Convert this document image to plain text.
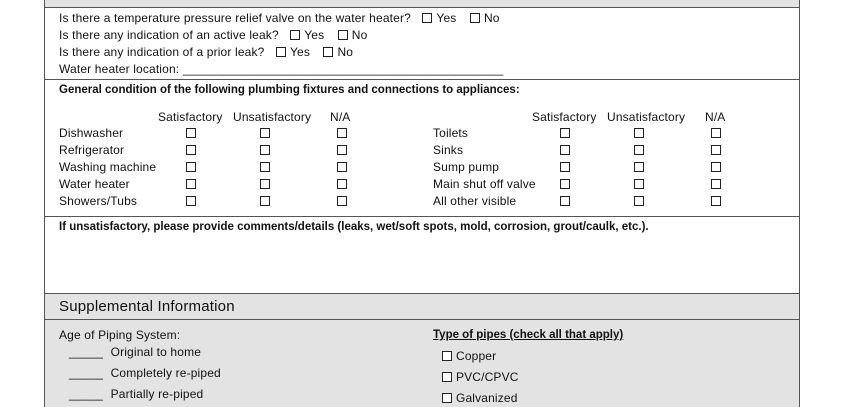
Is there a temperature pressure relief valve on the water heater? Yes No
Is there any indication of an active leak? Yes No
Is there any indication of a prior leak? Yes No
Water heater location: _______________________________________________
General condition of the following plumbing fixtures and connections to appliances:
Satisfactory Unsatisfactory N/A	Satisfactory Unsatisfactory N/A
Dishwasher
Refrigerator
Washing machine
Water heater
Showers/Tubs
Toilets
Sinks
Sump pump
Main shut off valve
All other visible
If unsatisfactory, please provide comments/details (leaks, wet/soft spots, mold, corrosion, grout/caulk, etc.).
Supplemental Information
Age of Piping System:
_____ Original to home
_____ Completely re-piped
_____ Partially re-piped
Type of pipes (check all that apply)
Copper
PVC/CPVC
Galvanized
